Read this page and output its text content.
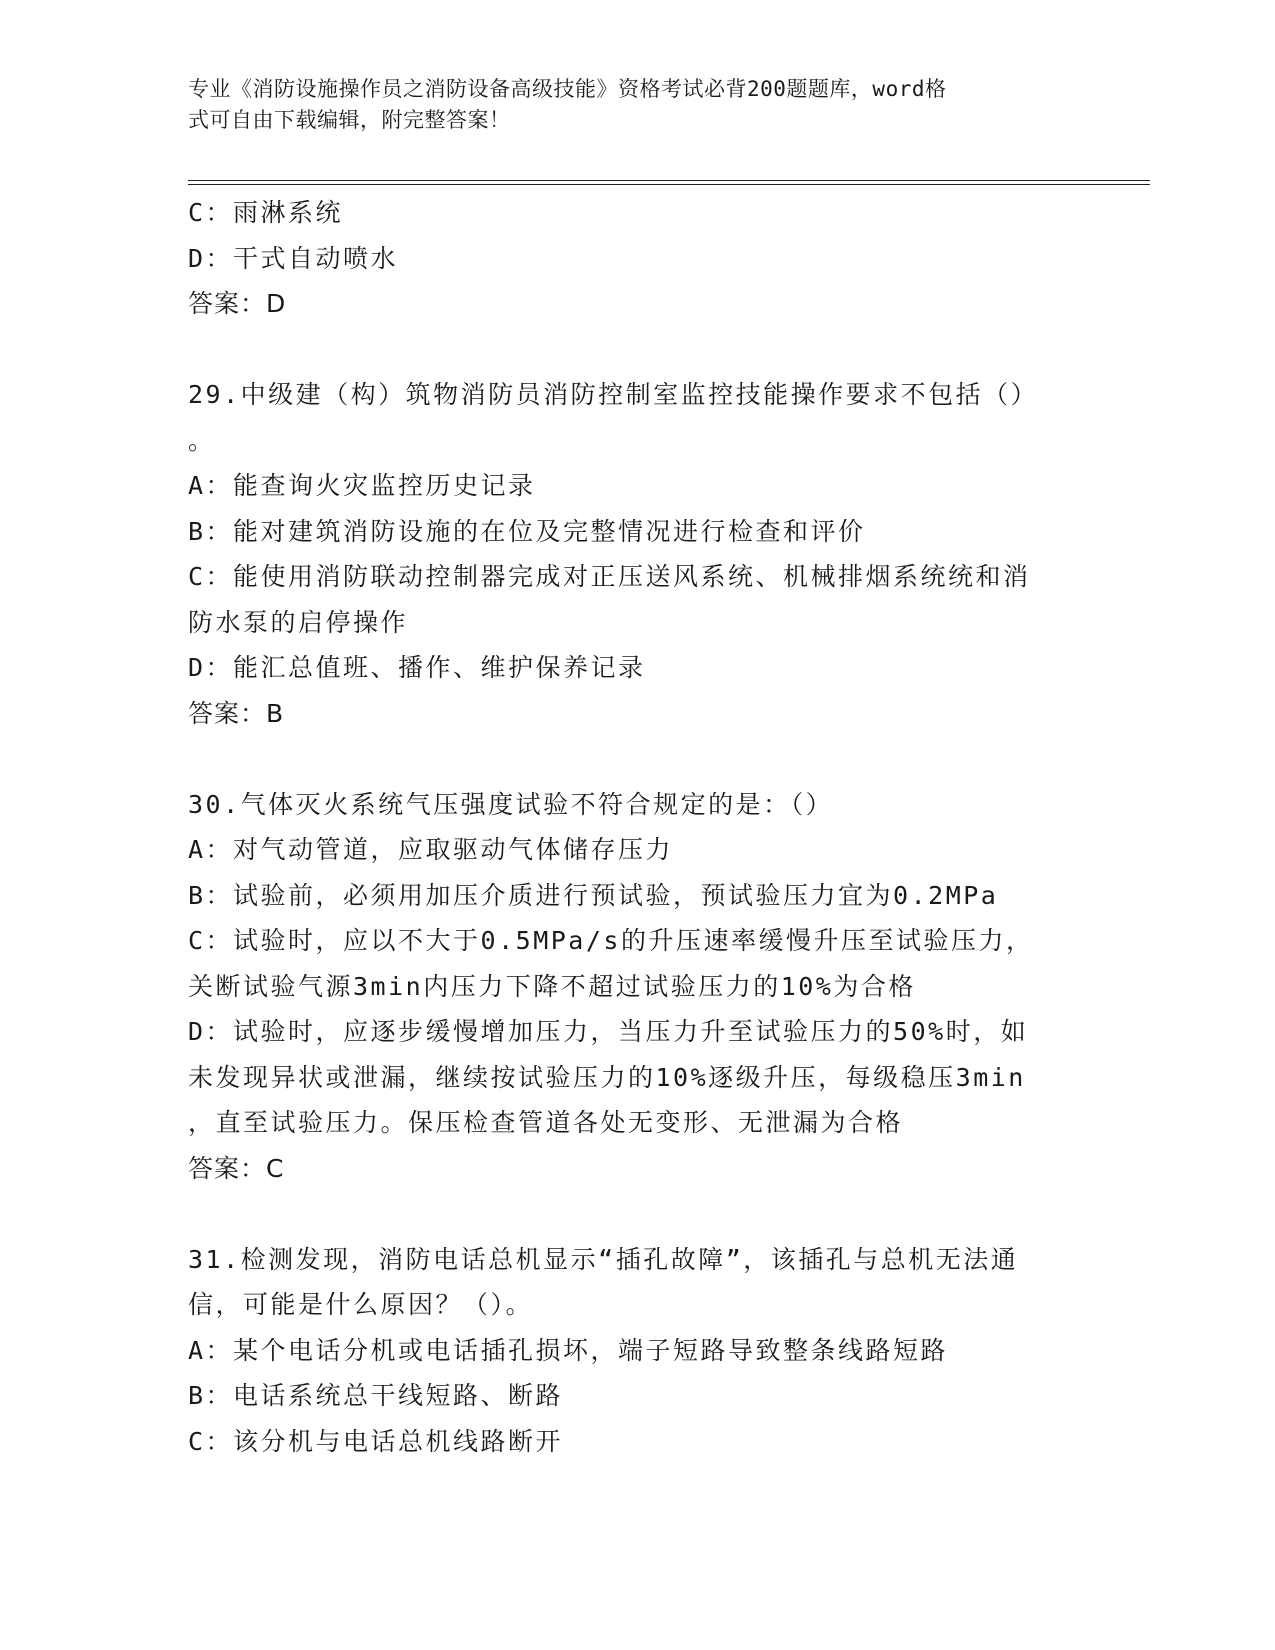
专业《消防设施操作员之消防设备高级技能》资格考试必背200题题库，word格
式可自由下载编辑，附完整答案！
C：雨淋系统
D：干式自动喷水
答案：D
29.中级建（构）筑物消防员消防控制室监控技能操作要求不包括（）
。
A：能查询火灾监控历史记录
B：能对建筑消防设施的在位及完整情况进行检查和评价
C：能使用消防联动控制器完成对正压送风系统、机械排烟系统统和消
防水泵的启停操作
D：能汇总值班、播作、维护保养记录
答案：B
30.气体灭火系统气压强度试验不符合规定的是：（）
A：对气动管道，应取驱动气体储存压力
B：试验前，必须用加压介质进行预试验，预试验压力宜为0.2MPa
C：试验时，应以不大于0.5MPa/s的升压速率缓慢升压至试验压力，
关断试验气源3min内压力下降不超过试验压力的10%为合格
D：试验时，应逐步缓慢增加压力，当压力升至试验压力的50%时，如
未发现异状或泄漏，继续按试验压力的10%逐级升压，每级稳压3min
，直至试验压力。保压检查管道各处无变形、无泄漏为合格
答案：C
31.检测发现，消防电话总机显示“插孔故障”，该插孔与总机无法通
信，可能是什么原因？（）。
A：某个电话分机或电话插孔损坏，端子短路导致整条线路短路
B：电话系统总干线短路、断路
C：该分机与电话总机线路断开
